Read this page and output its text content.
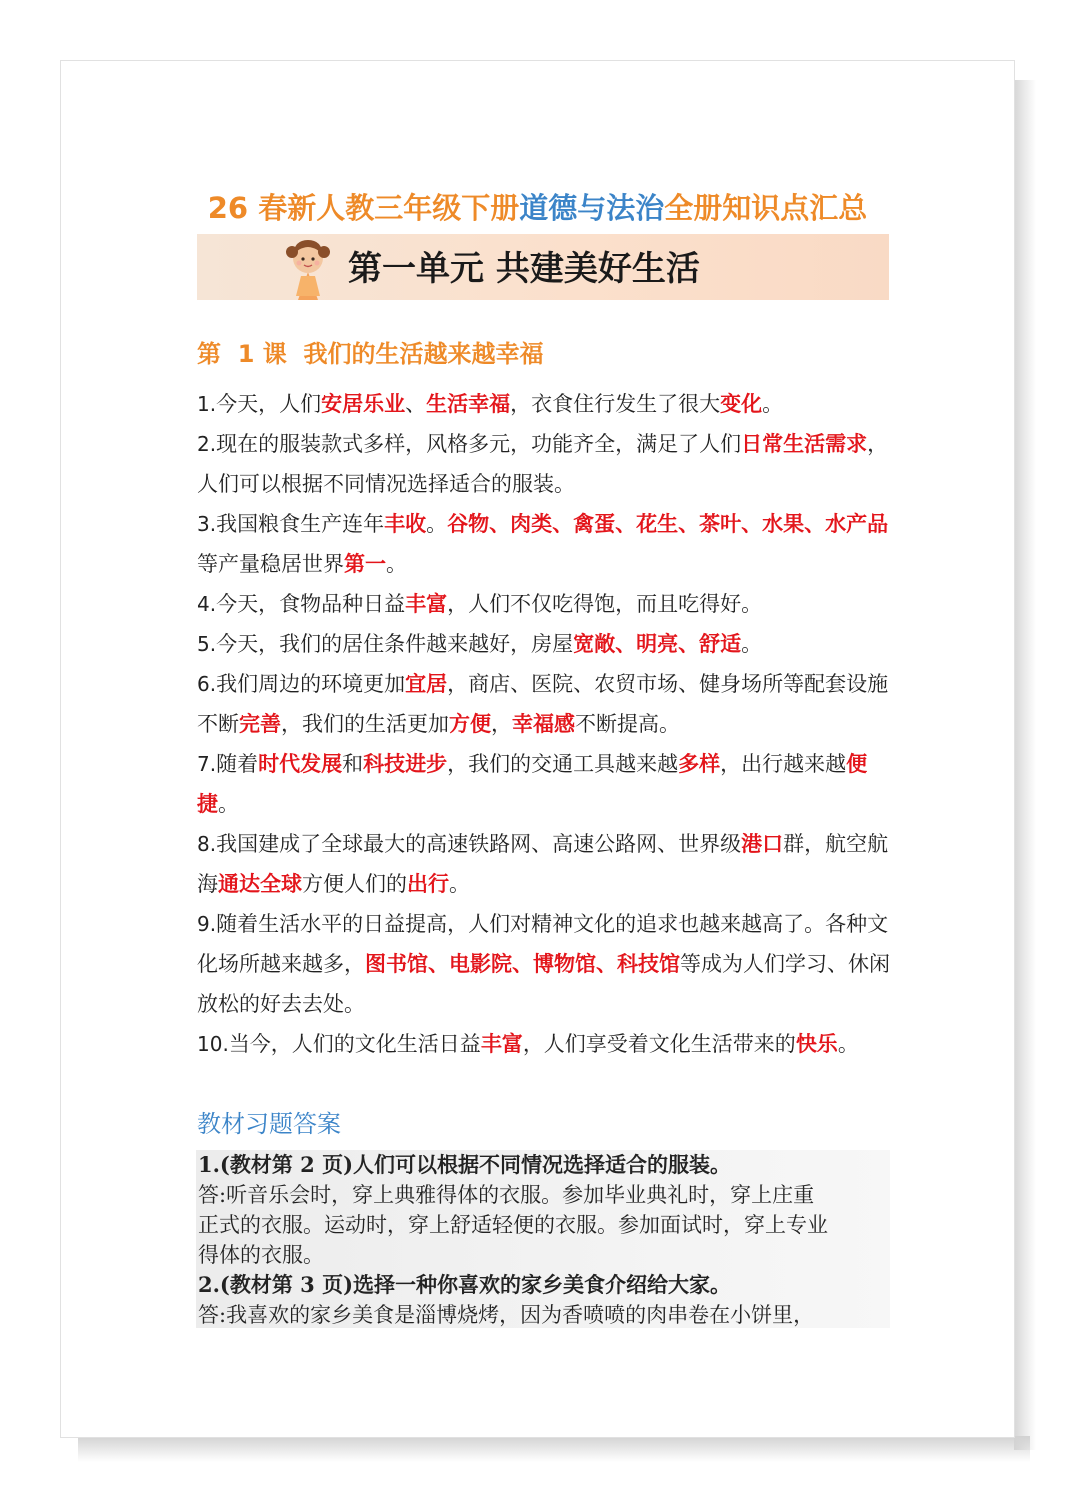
26 春新人教三年级下册道德与法治全册知识点汇总
第一单元 共建美好生活
第  1 课  我们的生活越来越幸福
1.今天，人们安居乐业、生活幸福，衣食住行发生了很大变化。
2.现在的服装款式多样，风格多元，功能齐全，满足了人们日常生活需求，人们可以根据不同情况选择适合的服装。
3.我国粮食生产连年丰收。谷物、肉类、禽蛋、花生、茶叶、水果、水产品等产量稳居世界第一。
4.今天，食物品种日益丰富，人们不仅吃得饱，而且吃得好。
5.今天，我们的居住条件越来越好，房屋宽敞、明亮、舒适。
6.我们周边的环境更加宜居，商店、医院、农贸市场、健身场所等配套设施不断完善，我们的生活更加方便，幸福感不断提高。
7.随着时代发展和科技进步，我们的交通工具越来越多样，出行越来越便捷。
8.我国建成了全球最大的高速铁路网、高速公路网、世界级港口群，航空航海通达全球方便人们的出行。
9.随着生活水平的日益提高，人们对精神文化的追求也越来越高了。各种文化场所越来越多，图书馆、电影院、博物馆、科技馆等成为人们学习、休闲放松的好去去处。
10.当今，人们的文化生活日益丰富，人们享受着文化生活带来的快乐。
教材习题答案
1.(教材第 2 页)人们可以根据不同情况选择适合的服装。
答:听音乐会时，穿上典雅得体的衣服。参加毕业典礼时，穿上庄重
正式的衣服。运动时，穿上舒适轻便的衣服。参加面试时，穿上专业
得体的衣服。
2.(教材第 3 页)选择一种你喜欢的家乡美食介绍给大家。
答:我喜欢的家乡美食是淄博烧烤，因为香喷喷的肉串卷在小饼里，
